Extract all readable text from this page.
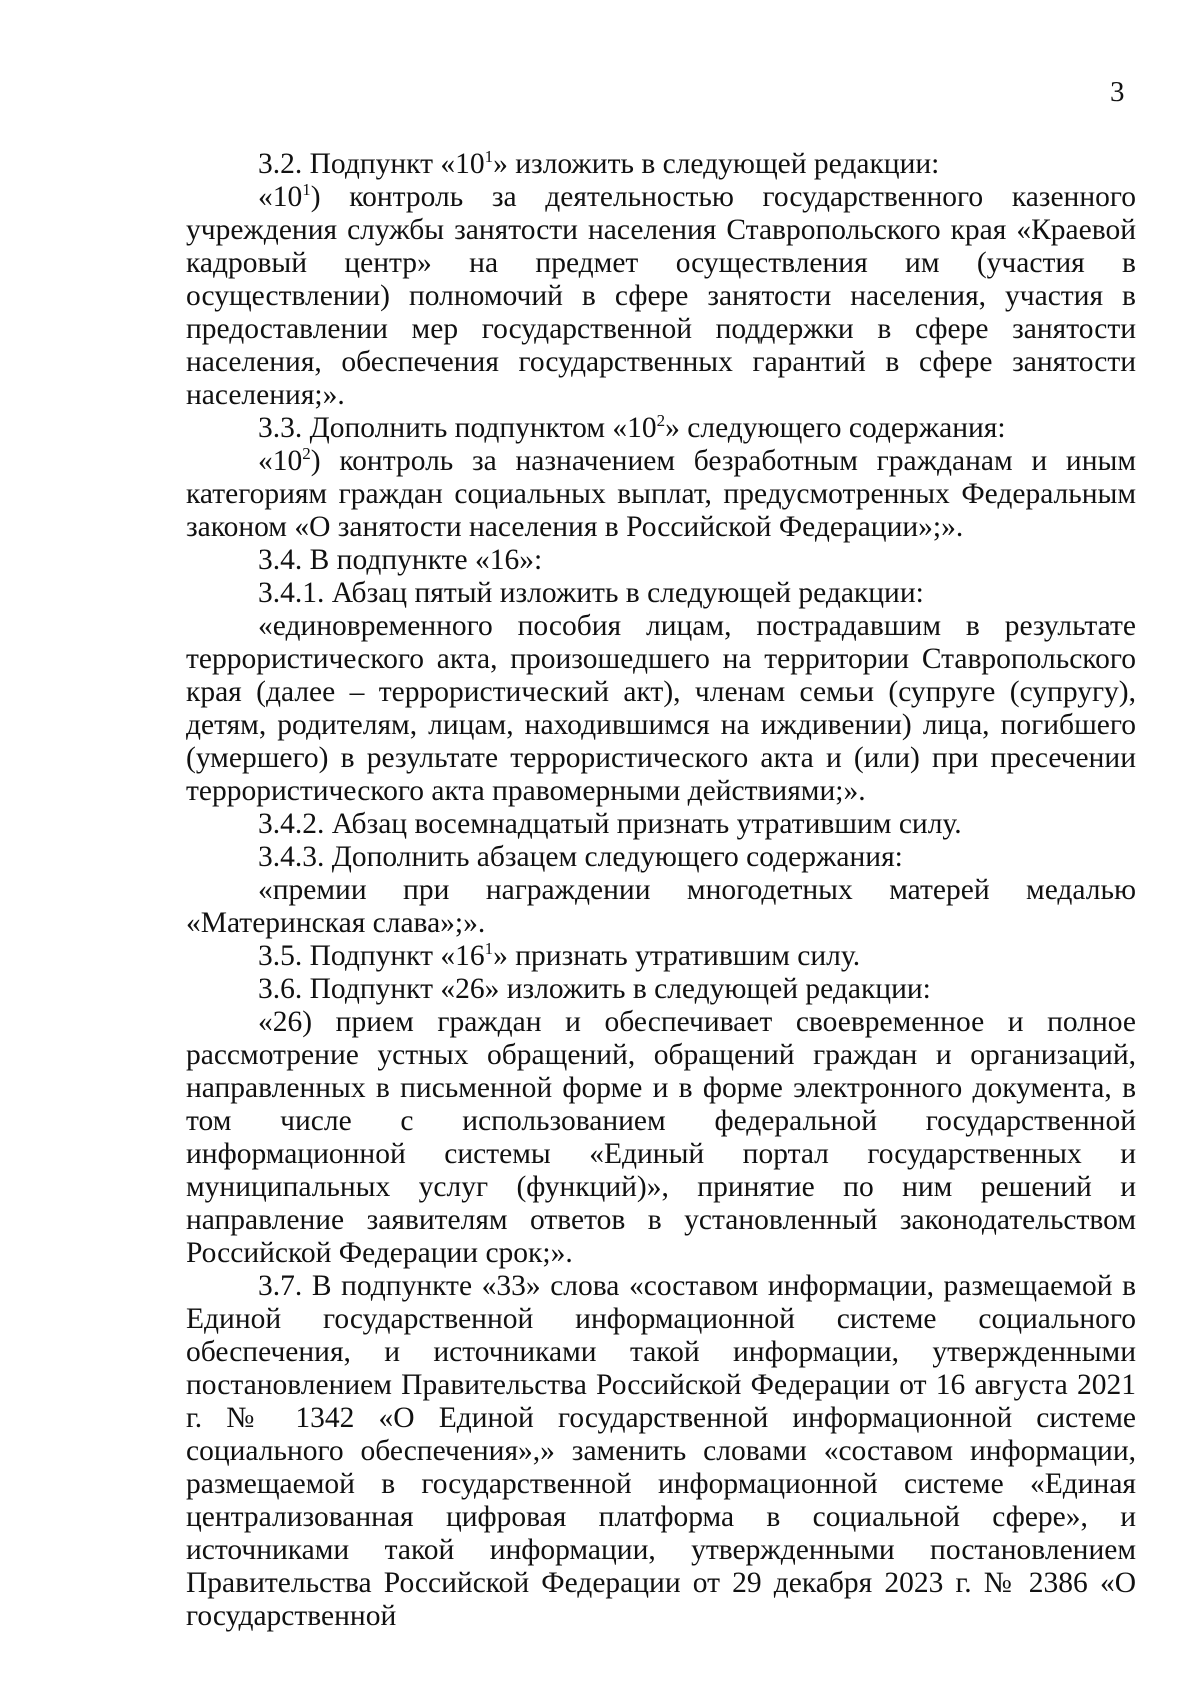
3

3.2. Подпункт «$10^1$» изложить в следующей редакции:

«$10^1$) контроль за деятельностью государственного казенного учреждения службы занятости населения Ставропольского края «Краевой кадровый центр» на предмет осуществления им (участия в осуществлении) полномочий в сфере занятости населения, участия в предоставлении мер государственной поддержки в сфере занятости населения, обеспечения государственных гарантий в сфере занятости населения;».

3.3. Дополнить подпунктом «$10^2$» следующего содержания:

«$10^2$) контроль за назначением безработным гражданам и иным категориям граждан социальных выплат, предусмотренных Федеральным законом «О занятости населения в Российской Федерации»;».

3.4. В подпункте «16»:

3.4.1. Абзац пятый изложить в следующей редакции:

«единовременного пособия лицам, пострадавшим в результате террористического акта, произошедшего на территории Ставропольского края (далее – террористический акт), членам семьи (супруге (супругу), детям, родителям, лицам, находившимся на иждивении) лица, погибшего (умершего) в результате террористического акта и (или) при пресечении террористического акта правомерными действиями;».

3.4.2. Абзац восемнадцатый признать утратившим силу.

3.4.3. Дополнить абзацем следующего содержания:

«премии при награждении многодетных матерей медалью «Материнская слава»;».

3.5. Подпункт «$16^1$» признать утратившим силу.

3.6. Подпункт «26» изложить в следующей редакции:

«26) прием граждан и обеспечивает своевременное и полное рассмотрение устных обращений, обращений граждан и организаций, направленных в письменной форме и в форме электронного документа, в том числе с использованием федеральной государственной информационной системы «Единый портал государственных и муниципальных услуг (функций)», принятие по ним решений и направление заявителям ответов в установленный законодательством Российской Федерации срок;».

3.7. В подпункте «33» слова «составом информации, размещаемой в Единой государственной информационной системе социального обеспечения, и источниками такой информации, утвержденными постановлением Правительства Российской Федерации от 16 августа 2021 г. № 1342 «О Единой государственной информационной системе социального обеспечения»,» заменить словами «составом информации, размещаемой в государственной информационной системе «Единая централизованная цифровая платформа в социальной сфере», и источниками такой информации, утвержденными постановлением Правительства Российской Федерации от 29 декабря 2023 г. № 2386 «О государственной
